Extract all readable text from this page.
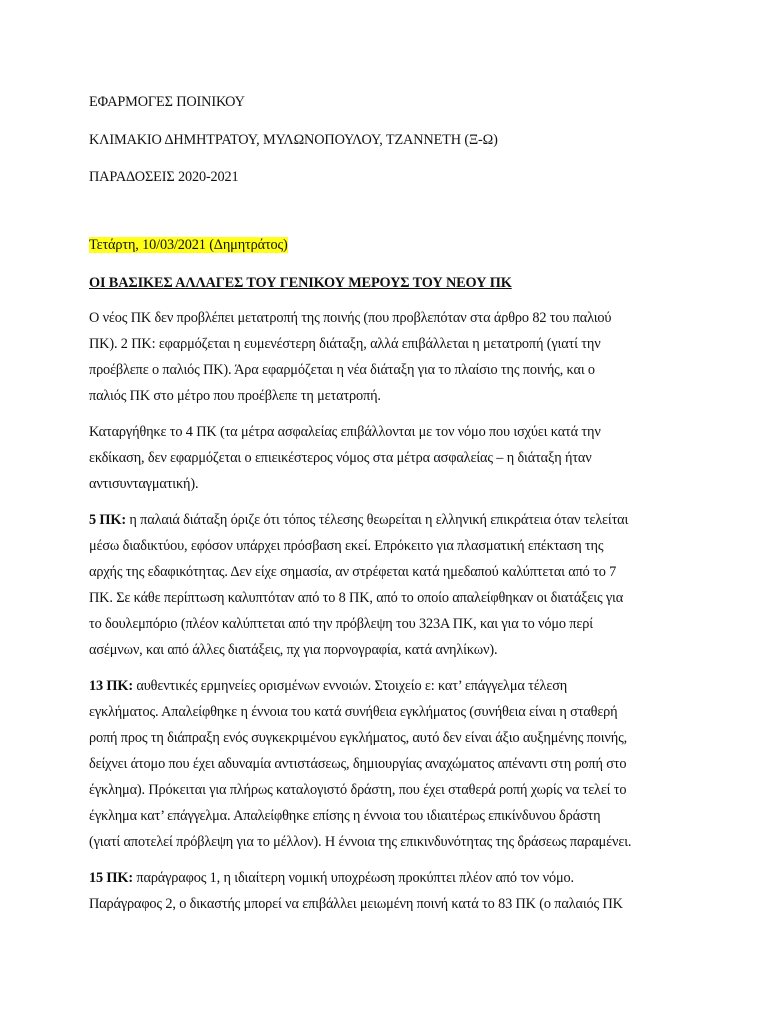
ΕΦΑΡΜΟΓΕΣ ΠΟΙΝΙΚΟΥ
ΚΛΙΜΑΚΙΟ ΔΗΜΗΤΡΑΤΟΥ, ΜΥΛΩΝΟΠΟΥΛΟΥ, ΤΖΑΝΝΕΤΗ (Ξ-Ω)
ΠΑΡΑΔΟΣΕΙΣ 2020-2021
Τετάρτη, 10/03/2021 (Δημητράτος)
ΟΙ ΒΑΣΙΚΕΣ ΑΛΛΑΓΕΣ ΤΟΥ ΓΕΝΙΚΟΥ ΜΕΡΟΥΣ ΤΟΥ ΝΕΟΥ ΠΚ
Ο νέος ΠΚ δεν προβλέπει μετατροπή της ποινής (που προβλεπόταν στα άρθρο 82 του παλιού
ΠΚ). 2 ΠΚ: εφαρμόζεται η ευμενέστερη διάταξη, αλλά επιβάλλεται η μετατροπή (γιατί την
προέβλεπε ο παλιός ΠΚ). Άρα εφαρμόζεται η νέα διάταξη για το πλαίσιο της ποινής, και ο
παλιός ΠΚ στο μέτρο που προέβλεπε τη μετατροπή.
Καταργήθηκε το 4 ΠΚ (τα μέτρα ασφαλείας επιβάλλονται με τον νόμο που ισχύει κατά την
εκδίκαση, δεν εφαρμόζεται ο επιεικέστερος νόμος στα μέτρα ασφαλείας – η διάταξη ήταν
αντισυνταγματική).
5 ΠΚ: η παλαιά διάταξη όριζε ότι τόπος τέλεσης θεωρείται η ελληνική επικράτεια όταν τελείται
μέσω διαδικτύου, εφόσον υπάρχει πρόσβαση εκεί. Επρόκειτο για πλασματική επέκταση της
αρχής της εδαφικότητας. Δεν είχε σημασία, αν στρέφεται κατά ημεδαπού καλύπτεται από το 7
ΠΚ. Σε κάθε περίπτωση καλυπτόταν από το 8 ΠΚ, από το οποίο απαλείφθηκαν οι διατάξεις για
το δουλεμπόριο (πλέον καλύπτεται από την πρόβλεψη του 323Α ΠΚ, και για το νόμο περί
ασέμνων, και από άλλες διατάξεις, πχ για πορνογραφία, κατά ανηλίκων).
13 ΠΚ: αυθεντικές ερμηνείες ορισμένων εννοιών. Στοιχείο ε: κατ’ επάγγελμα τέλεση
εγκλήματος. Απαλείφθηκε η έννοια του κατά συνήθεια εγκλήματος (συνήθεια είναι η σταθερή
ροπή προς τη διάπραξη ενός συγκεκριμένου εγκλήματος, αυτό δεν είναι άξιο αυξημένης ποινής,
δείχνει άτομο που έχει αδυναμία αντιστάσεως, δημιουργίας αναχώματος απέναντι στη ροπή στο
έγκλημα). Πρόκειται για πλήρως καταλογιστό δράστη, που έχει σταθερά ροπή χωρίς να τελεί το
έγκλημα κατ’ επάγγελμα. Απαλείφθηκε επίσης η έννοια του ιδιαιτέρως επικίνδυνου δράστη
(γιατί αποτελεί πρόβλεψη για το μέλλον). Η έννοια της επικινδυνότητας της δράσεως παραμένει.
15 ΠΚ: παράγραφος 1, η ιδιαίτερη νομική υποχρέωση προκύπτει πλέον από τον νόμο.
Παράγραφος 2, ο δικαστής μπορεί να επιβάλλει μειωμένη ποινή κατά το 83 ΠΚ (ο παλαιός ΠΚ
